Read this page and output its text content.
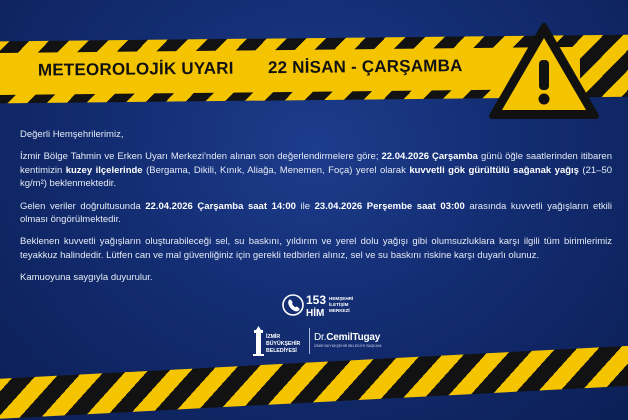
METEOROLOJİK UYARI 22 NİSAN - ÇARŞAMBA

Değerli Hemşehrilerimiz,

İzmir Bölge Tahmin ve Erken Uyarı Merkezi'nden alınan son değerlendirmelere göre; 22.04.2026 Çarşamba günü öğle saatlerinden itibaren kentimizin kuzey ilçelerinde (Bergama, Dikili, Kınık, Aliağa, Menemen, Foça) yerel olarak kuvvetli gök gürültülü sağanak yağış (21–50 kg/m²) beklenmektedir.

Gelen veriler doğrultusunda 22.04.2026 Çarşamba saat 14:00 ile 23.04.2026 Perşembe saat 03:00 arasında kuvvetli yağışların etkili olması öngörülmektedir.

Beklenen kuvvetli yağışların oluşturabileceği sel, su baskını, yıldırım ve yerel dolu yağışı gibi olumsuzluklara karşı ilgili tüm birimlerimiz teyakkuz halindedir. Lütfen can ve mal güvenliğiniz için gerekli tedbirleri alınız, sel ve su baskını riskine karşı duyarlı olunuz.

Kamuoyuna saygıyla duyurulur.

153
HİM
HEMŞEHRİ
İLETİŞİM
MERKEZİ
İZMİR
BÜYÜKŞEHİR
BELEDİYESİ
Dr.CemilTugay
İZMİR BÜYÜKŞEHİR BELEDİYE BAŞKANI
